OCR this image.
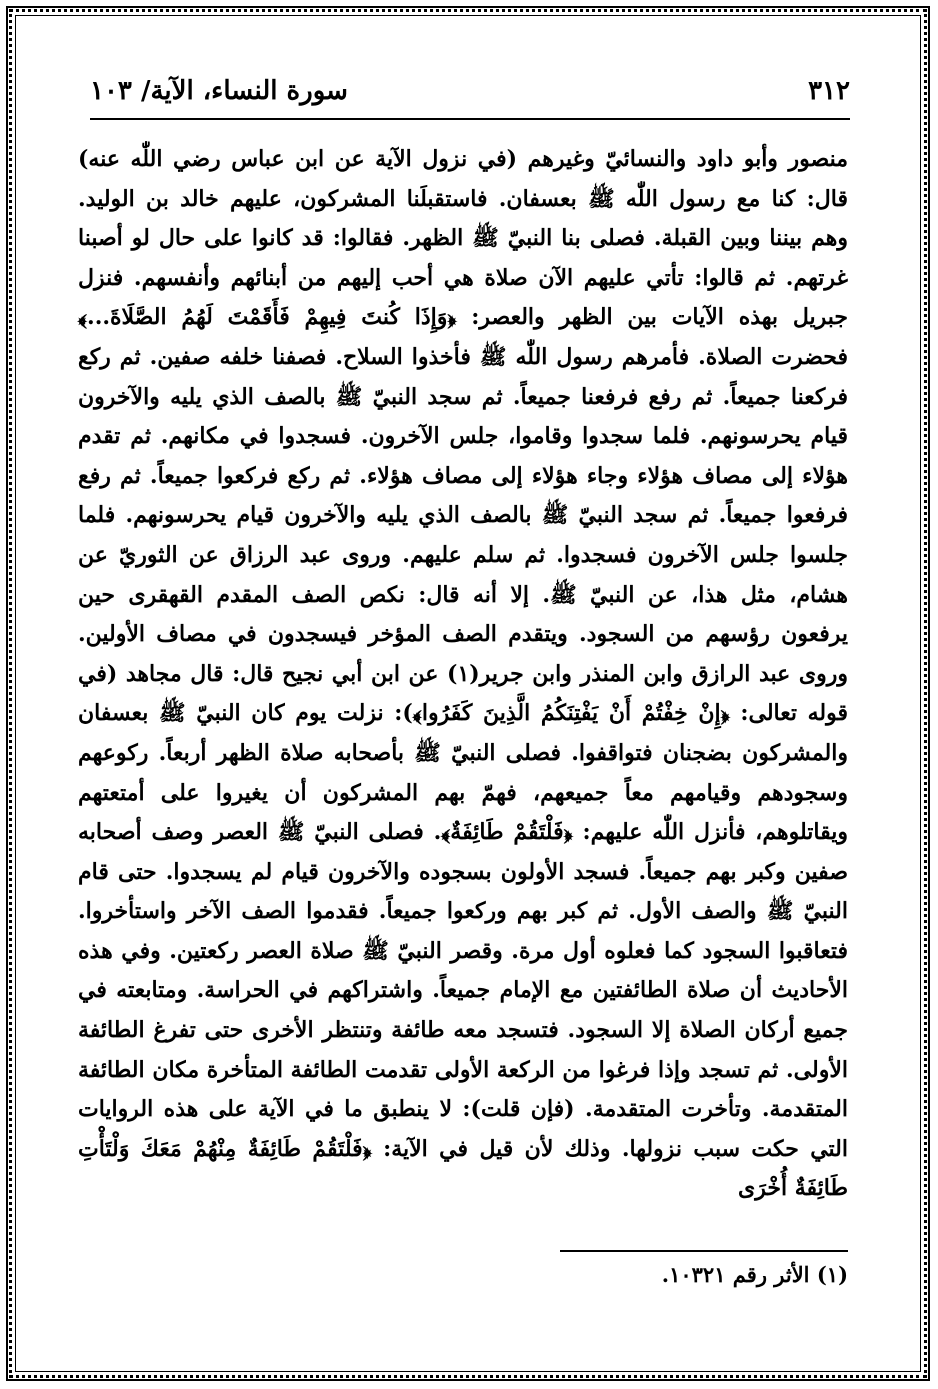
٣١٢
سورة النساء، الآية/ ١٠٣

منصور وأبو داود والنسائيّ وغيرهم (في نزول الآية عن ابن عباس رضي اللّٰه عنه) قال: كنا مع رسول اللّٰه ﷺ بعسفان. فاستقبلَنا المشركون، عليهم خالد بن الوليد. وهم بيننا وبين القبلة. فصلى بنا النبيّ ﷺ الظهر. فقالوا: قد كانوا على حال لو أصبنا غرتهم. ثم قالوا: تأتي عليهم الآن صلاة هي أحب إليهم من أبنائهم وأنفسهم. فنزل جبريل بهذه الآيات بين الظهر والعصر: ﴿وَإِذَا كُنتَ فِيهِمْ فَأَقَمْتَ لَهُمُ الصَّلَاةَ...﴾ فحضرت الصلاة. فأمرهم رسول اللّٰه ﷺ فأخذوا السلاح. فصفنا خلفه صفين. ثم ركع فركعنا جميعاً. ثم رفع فرفعنا جميعاً. ثم سجد النبيّ ﷺ بالصف الذي يليه والآخرون قيام يحرسونهم. فلما سجدوا وقاموا، جلس الآخرون. فسجدوا في مكانهم. ثم تقدم هؤلاء إلى مصاف هؤلاء وجاء هؤلاء إلى مصاف هؤلاء. ثم ركع فركعوا جميعاً. ثم رفع فرفعوا جميعاً. ثم سجد النبيّ ﷺ بالصف الذي يليه والآخرون قيام يحرسونهم. فلما جلسوا جلس الآخرون فسجدوا. ثم سلم عليهم. وروى عبد الرزاق عن الثوريّ عن هشام، مثل هذا، عن النبيّ ﷺ. إلا أنه قال: نكص الصف المقدم القهقرى حين يرفعون رؤسهم من السجود. ويتقدم الصف المؤخر فيسجدون في مصاف الأولين. وروى عبد الرازق وابن المنذر وابن جرير(١) عن ابن أبي نجيح قال: قال مجاهد (في قوله تعالى: ﴿إِنْ خِفْتُمْ أَنْ يَفْتِنَكُمُ الَّذِينَ كَفَرُوا﴾): نزلت يوم كان النبيّ ﷺ بعسفان والمشركون بضجنان فتواقفوا. فصلى النبيّ ﷺ بأصحابه صلاة الظهر أربعاً. ركوعهم وسجودهم وقيامهم معاً جميعهم، فهمّ بهم المشركون أن يغيروا على أمتعتهم ويقاتلوهم، فأنزل اللّٰه عليهم: ﴿فَلْتَقُمْ طَائِفَةٌ﴾. فصلى النبيّ ﷺ العصر وصف أصحابه صفين وكبر بهم جميعاً. فسجد الأولون بسجوده والآخرون قيام لم يسجدوا. حتى قام النبيّ ﷺ والصف الأول. ثم كبر بهم وركعوا جميعاً. فقدموا الصف الآخر واستأخروا. فتعاقبوا السجود كما فعلوه أول مرة. وقصر النبيّ ﷺ صلاة العصر ركعتين. وفي هذه الأحاديث أن صلاة الطائفتين مع الإمام جميعاً. واشتراكهم في الحراسة. ومتابعته في جميع أركان الصلاة إلا السجود. فتسجد معه طائفة وتنتظر الأخرى حتى تفرغ الطائفة الأولى. ثم تسجد وإذا فرغوا من الركعة الأولى تقدمت الطائفة المتأخرة مكان الطائفة المتقدمة. وتأخرت المتقدمة. (فإن قلت): لا ينطبق ما في الآية على هذه الروايات التي حكت سبب نزولها. وذلك لأن قيل في الآية: ﴿فَلْتَقُمْ طَائِفَةٌ مِنْهُمْ مَعَكَ وَلْتَأْتِ طَائِفَةٌ أُخْرَى

(١) الأثر رقم ١٠٣٢١.
